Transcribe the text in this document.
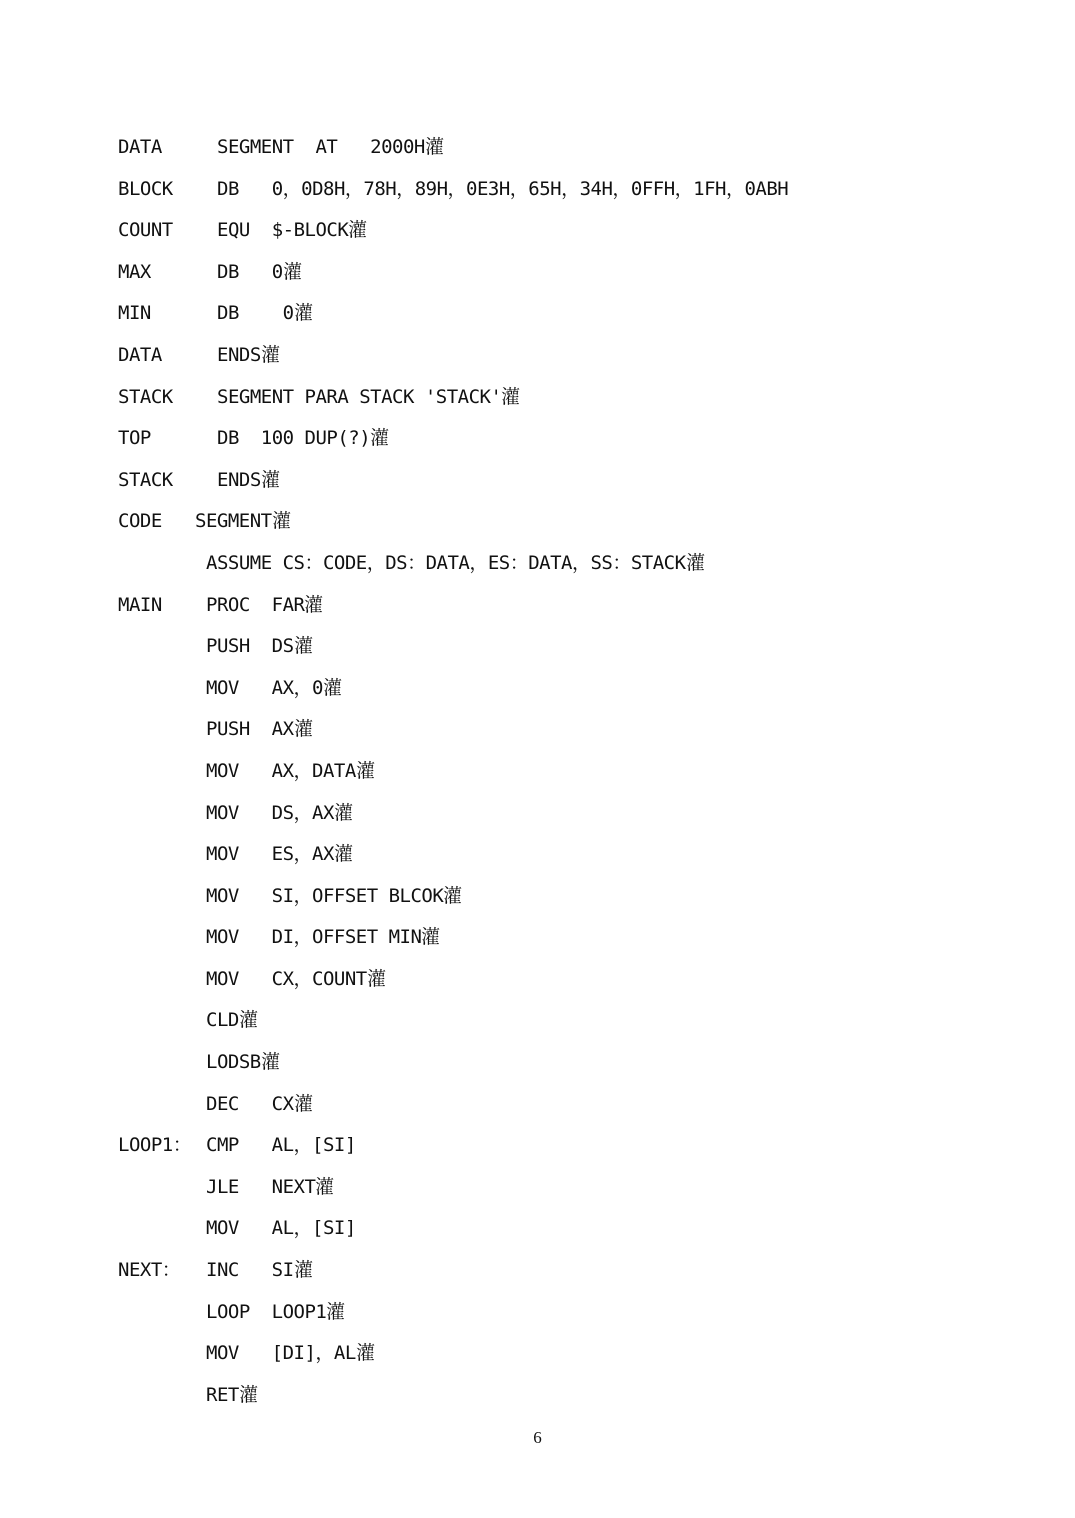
DATA	SEGMENT  AT   2000H 灌
BLOCK DB   0，0D8H，78H，89H，0E3H，65H，34H，0FFH，1FH，0ABH
COUNT EQU  $-BLOCK 灌
MAX	DB   0 灌
MIN	DB    0 灌
DATA	ENDS 灌
STACK SEGMENT PARA STACK 'STACK' 灌
TOP	DB  100 DUP(?) 灌
STACK ENDS 灌
CODE SEGMENT 灌
ASSUME CS：CODE，DS：DATA，ES：DATA，SS：STACK 灌
MAIN PROC  FAR 灌
PUSH  DS 灌
MOV   AX，0 灌
PUSH  AX 灌
MOV   AX，DATA 灌
MOV   DS，AX 灌
MOV   ES，AX 灌
MOV   SI，OFFSET BLCOK 灌
MOV   DI，OFFSET MIN 灌
MOV   CX，COUNT 灌
CLD 灌
LODSB 灌
DEC   CX 灌
LOOP1： CMP   AL，[SI]
JLE   NEXT 灌
MOV   AL，[SI]
NEXT： INC   SI 灌
LOOP  LOOP1 灌
MOV   [DI]，AL 灌
RET 灌
6
